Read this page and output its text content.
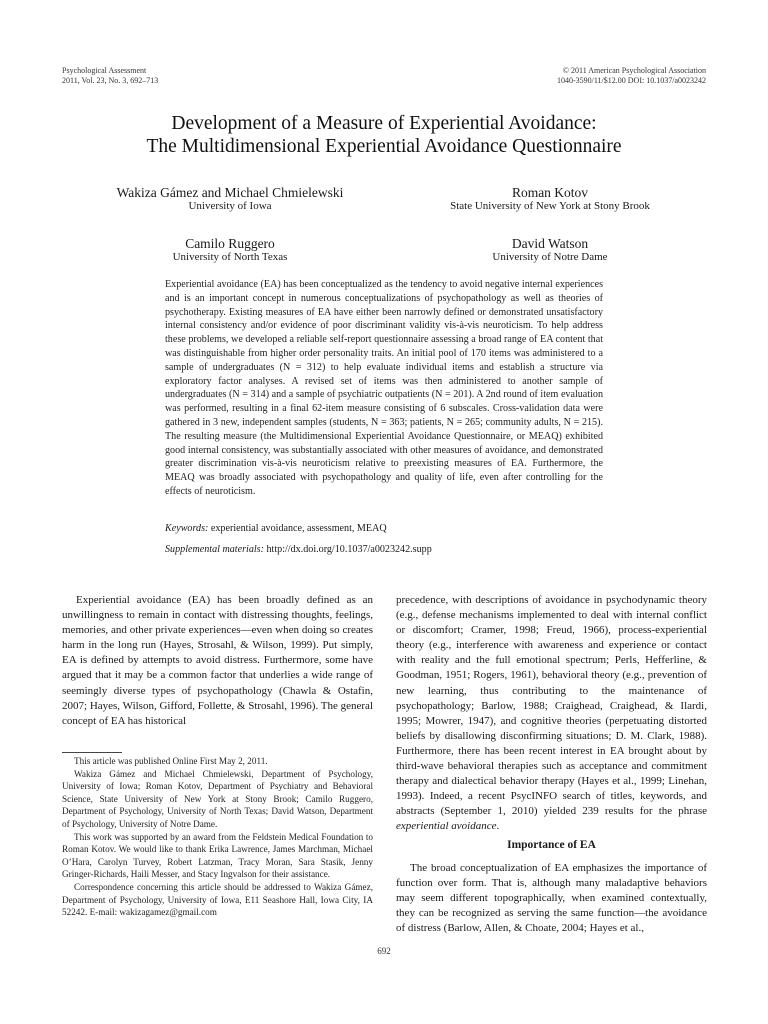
Psychological Assessment
2011, Vol. 23, No. 3, 692–713
© 2011 American Psychological Association
1040-3590/11/$12.00 DOI: 10.1037/a0023242
Development of a Measure of Experiential Avoidance:
The Multidimensional Experiential Avoidance Questionnaire
Wakiza Gámez and Michael Chmielewski
University of Iowa
Roman Kotov
State University of New York at Stony Brook
Camilo Ruggero
University of North Texas
David Watson
University of Notre Dame

Experiential avoidance (EA) has been conceptualized as the tendency to avoid negative internal experiences and is an important concept in numerous conceptualizations of psychopathology as well as theories of psychotherapy. Existing measures of EA have either been narrowly defined or demonstrated unsatisfactory internal consistency and/or evidence of poor discriminant validity vis-à-vis neuroticism. To help address these problems, we developed a reliable self-report questionnaire assessing a broad range of EA content that was distinguishable from higher order personality traits. An initial pool of 170 items was administered to a sample of undergraduates (N = 312) to help evaluate individual items and establish a structure via exploratory factor analyses. A revised set of items was then administered to another sample of undergraduates (N = 314) and a sample of psychiatric outpatients (N = 201). A 2nd round of item evaluation was performed, resulting in a final 62-item measure consisting of 6 subscales. Cross-validation data were gathered in 3 new, independent samples (students, N = 363; patients, N = 265; community adults, N = 215). The resulting measure (the Multidimensional Experiential Avoidance Questionnaire, or MEAQ) exhibited good internal consistency, was substantially associated with other measures of avoidance, and demonstrated greater discrimination vis-à-vis neuroticism relative to preexisting measures of EA. Furthermore, the MEAQ was broadly associated with psychopathology and quality of life, even after controlling for the effects of neuroticism.

Keywords: experiential avoidance, assessment, MEAQ

Supplemental materials: http://dx.doi.org/10.1037/a0023242.supp

Experiential avoidance (EA) has been broadly defined as an unwillingness to remain in contact with distressing thoughts, feelings, memories, and other private experiences—even when doing so creates harm in the long run (Hayes, Strosahl, & Wilson, 1999). Put simply, EA is defined by attempts to avoid distress. Furthermore, some have argued that it may be a common factor that underlies a wide range of seemingly diverse types of psychopathology (Chawla & Ostafin, 2007; Hayes, Wilson, Gifford, Follette, & Strosahl, 1996). The general concept of EA has historical

This article was published Online First May 2, 2011.

Wakiza Gámez and Michael Chmielewski, Department of Psychology, University of Iowa; Roman Kotov, Department of Psychiatry and Behavioral Science, State University of New York at Stony Brook; Camilo Ruggero, Department of Psychology, University of North Texas; David Watson, Department of Psychology, University of Notre Dame.

This work was supported by an award from the Feldstein Medical Foundation to Roman Kotov. We would like to thank Erika Lawrence, James Marchman, Michael O’Hara, Carolyn Turvey, Robert Latzman, Tracy Moran, Sara Stasik, Jenny Gringer-Richards, Haili Messer, and Stacy Ingvalson for their assistance.

Correspondence concerning this article should be addressed to Wakiza Gámez, Department of Psychology, University of Iowa, E11 Seashore Hall, Iowa City, IA 52242. E-mail: wakizagamez@gmail.com

precedence, with descriptions of avoidance in psychodynamic theory (e.g., defense mechanisms implemented to deal with internal conflict or discomfort; Cramer, 1998; Freud, 1966), process-experiential theory (e.g., interference with awareness and experience or contact with reality and the full emotional spectrum; Perls, Hefferline, & Goodman, 1951; Rogers, 1961), behavioral theory (e.g., prevention of new learning, thus contributing to the maintenance of psychopathology; Barlow, 1988; Craighead, Craighead, & Ilardi, 1995; Mowrer, 1947), and cognitive theories (perpetuating distorted beliefs by disallowing disconfirming situations; D. M. Clark, 1988). Furthermore, there has been recent interest in EA brought about by third-wave behavioral therapies such as acceptance and commitment therapy and dialectical behavior therapy (Hayes et al., 1999; Linehan, 1993). Indeed, a recent PsycINFO search of titles, keywords, and abstracts (September 1, 2010) yielded 239 results for the phrase experiential avoidance.

Importance of EA

The broad conceptualization of EA emphasizes the importance of function over form. That is, although many maladaptive behaviors may seem different topographically, when examined contextually, they can be recognized as serving the same function—the avoidance of distress (Barlow, Allen, & Choate, 2004; Hayes et al.,

692
